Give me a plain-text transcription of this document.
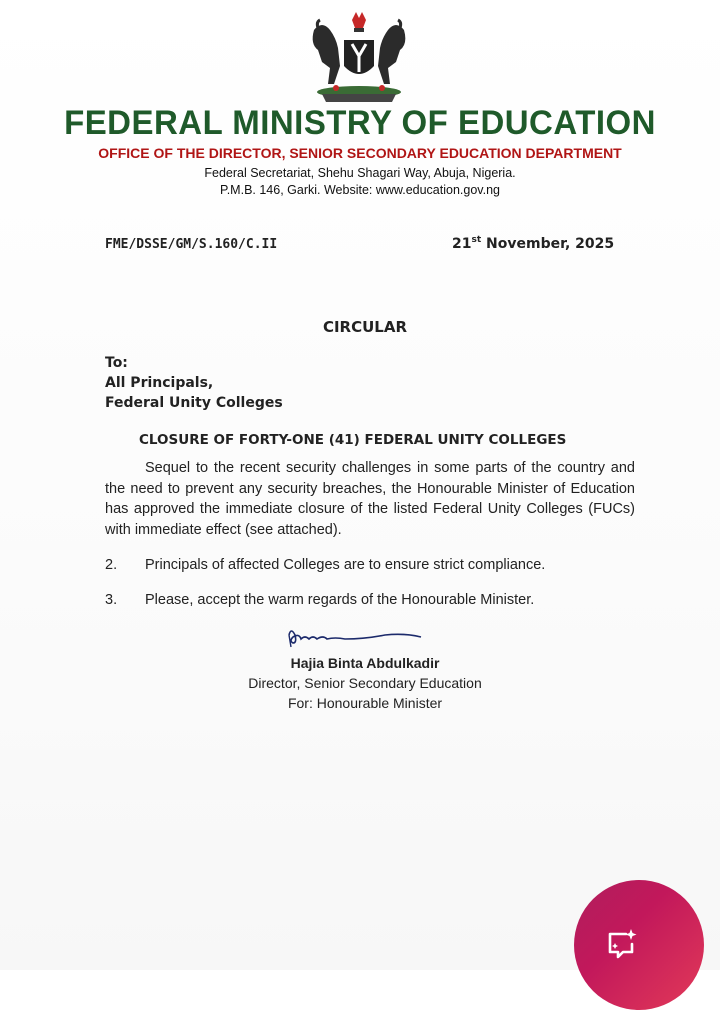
FEDERAL MINISTRY OF EDUCATION
OFFICE OF THE DIRECTOR, SENIOR SECONDARY EDUCATION DEPARTMENT
Federal Secretariat, Shehu Shagari Way, Abuja, Nigeria.
P.M.B. 146, Garki. Website: www.education.gov.ng
FME/DSSE/GM/S.160/C.II	21st November, 2025
CIRCULAR
To:
All Principals,
Federal Unity Colleges
CLOSURE OF FORTY-ONE (41) FEDERAL UNITY COLLEGES
Sequel to the recent security challenges in some parts of the country and the need to prevent any security breaches, the Honourable Minister of Education has approved the immediate closure of the listed Federal Unity Colleges (FUCs) with immediate effect (see attached).
2. Principals of affected Colleges are to ensure strict compliance.
3. Please, accept the warm regards of the Honourable Minister.
Hajia Binta Abdulkadir
Director, Senior Secondary Education
For: Honourable Minister
